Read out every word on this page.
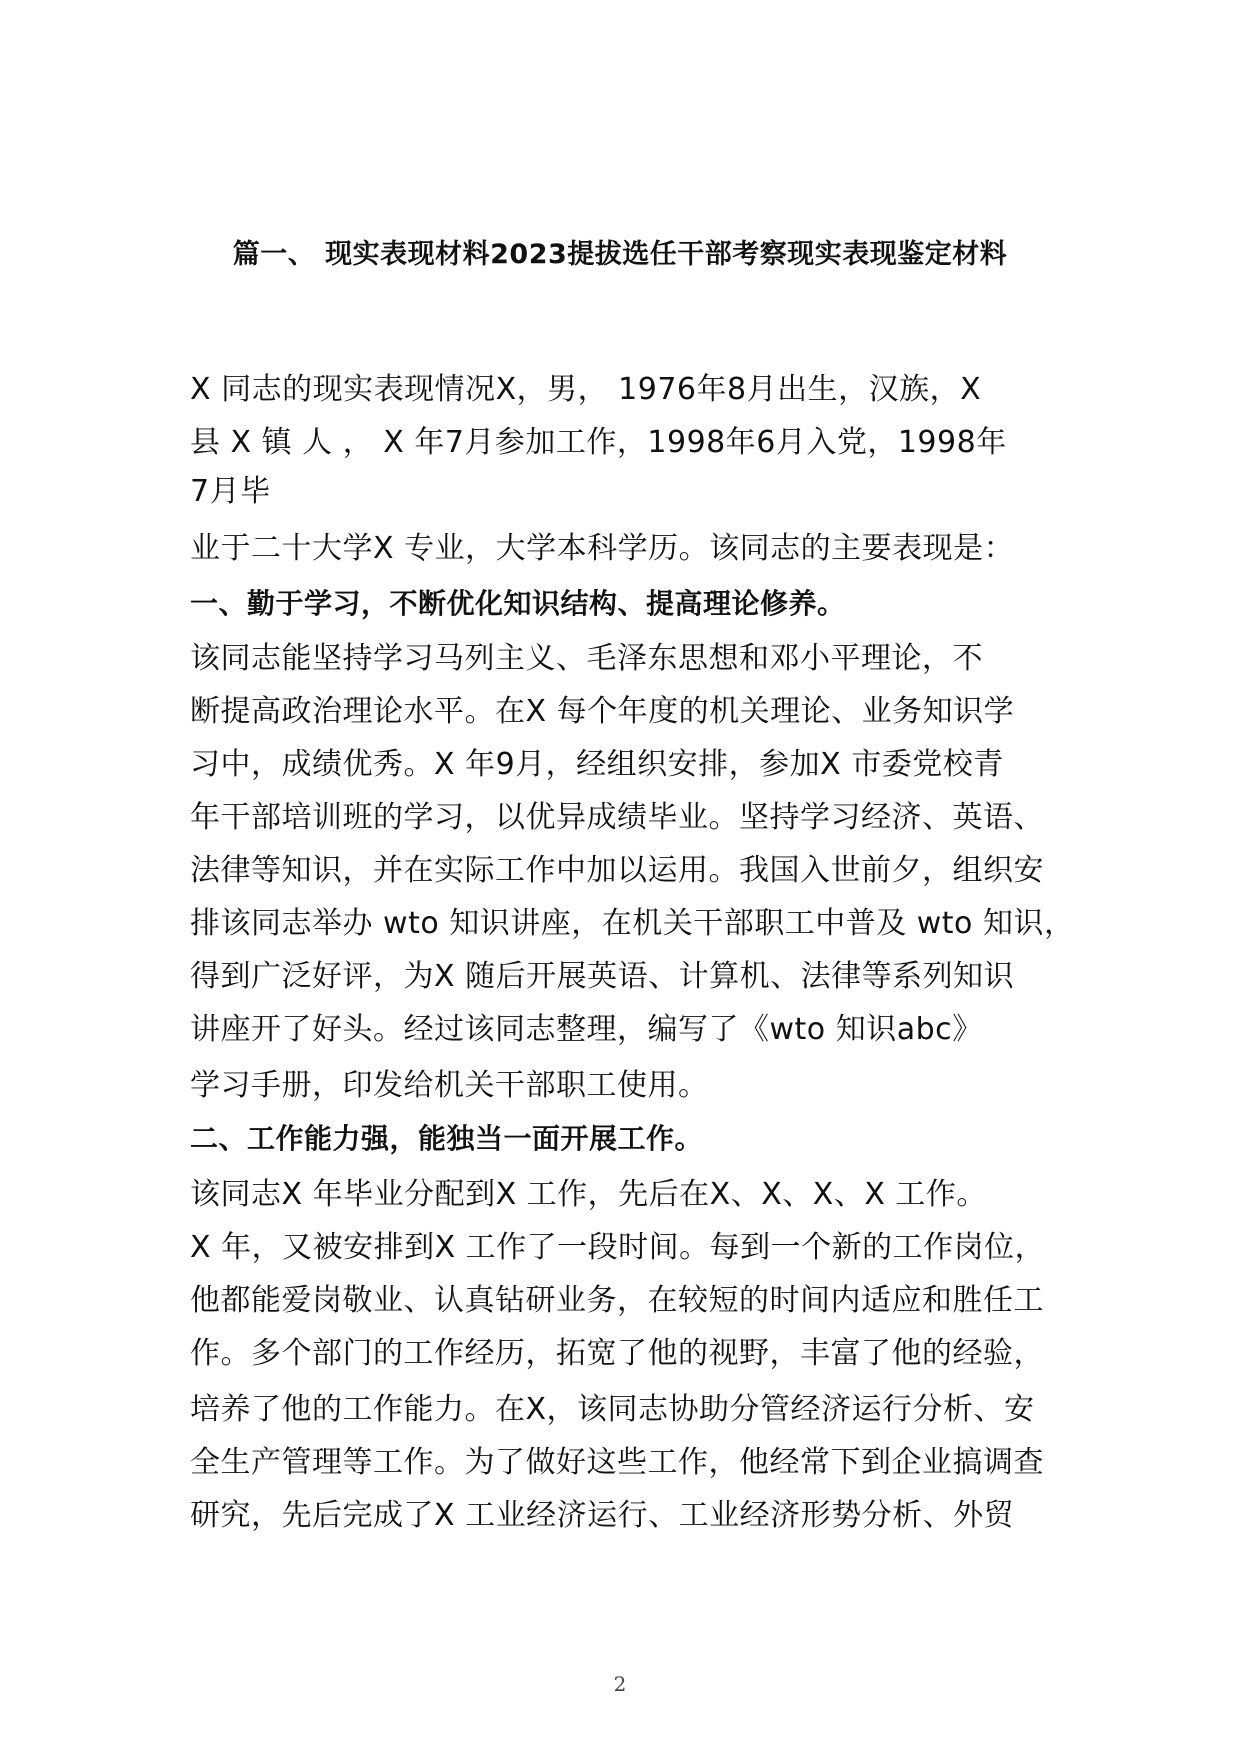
篇一、 现实表现材料2023提拔选任干部考察现实表现鉴定材料

X 同志的现实表现情况X，男， 1976年8月出生，汉族，X

县 X 镇 人 ， X 年7月参加工作，1998年6月入党，1998年

7月毕

业于二十大学X 专业，大学本科学历。该同志的主要表现是：

一、勤于学习，不断优化知识结构、提高理论修养。

该同志能坚持学习马列主义、毛泽东思想和邓小平理论，不

断提高政治理论水平。在X 每个年度的机关理论、业务知识学

习中，成绩优秀。X 年9月，经组织安排，参加X 市委党校青

年干部培训班的学习，以优异成绩毕业。坚持学习经济、英语、

法律等知识，并在实际工作中加以运用。我国入世前夕，组织安

排该同志举办 wto 知识讲座，在机关干部职工中普及 wto 知识，

得到广泛好评，为X 随后开展英语、计算机、法律等系列知识

讲座开了好头。经过该同志整理，编写了《wto 知识abc》

学习手册，印发给机关干部职工使用。

二、工作能力强，能独当一面开展工作。

该同志X 年毕业分配到X 工作，先后在X、X、X、X 工作。

X 年，又被安排到X 工作了一段时间。每到一个新的工作岗位，

他都能爱岗敬业、认真钻研业务，在较短的时间内适应和胜任工

作。多个部门的工作经历，拓宽了他的视野，丰富了他的经验，

培养了他的工作能力。在X，该同志协助分管经济运行分析、安

全生产管理等工作。为了做好这些工作，他经常下到企业搞调查

研究，先后完成了X 工业经济运行、工业经济形势分析、外贸

2
